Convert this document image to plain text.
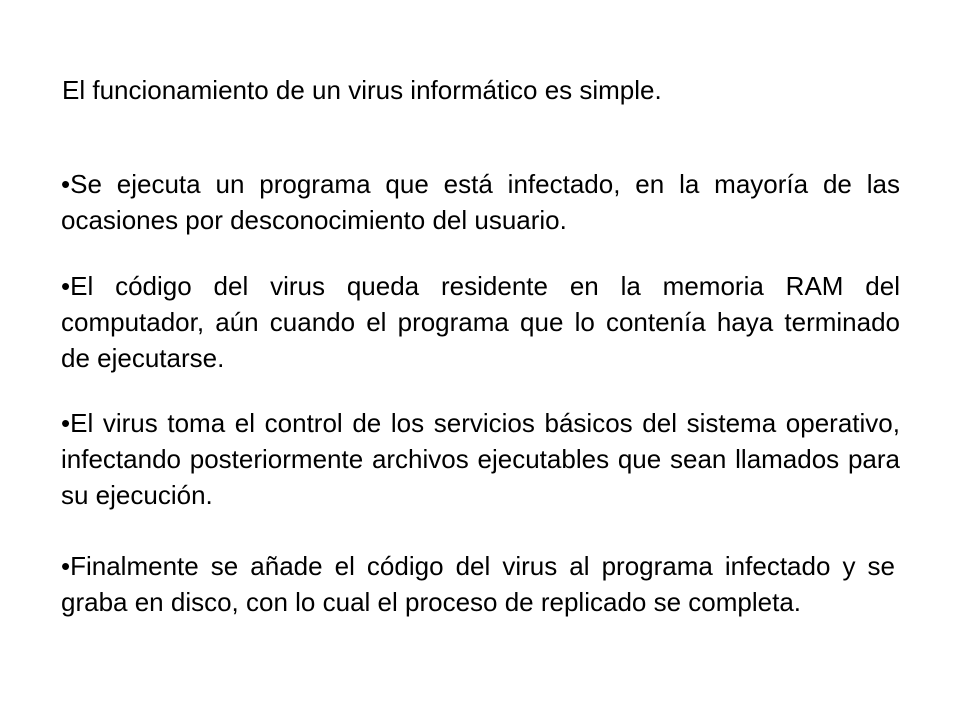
El funcionamiento de un virus informático es simple.

•Se ejecuta un programa que está infectado, en la mayoría de las ocasiones por desconocimiento del usuario.

•El código del virus queda residente en la memoria RAM del computador, aún cuando el programa que lo contenía haya terminado de ejecutarse.

•El virus toma el control de los servicios básicos del sistema operativo, infectando posteriormente archivos ejecutables que sean llamados para su ejecución.

•Finalmente se añade el código del virus al programa infectado y se graba en disco, con lo cual el proceso de replicado se completa.
